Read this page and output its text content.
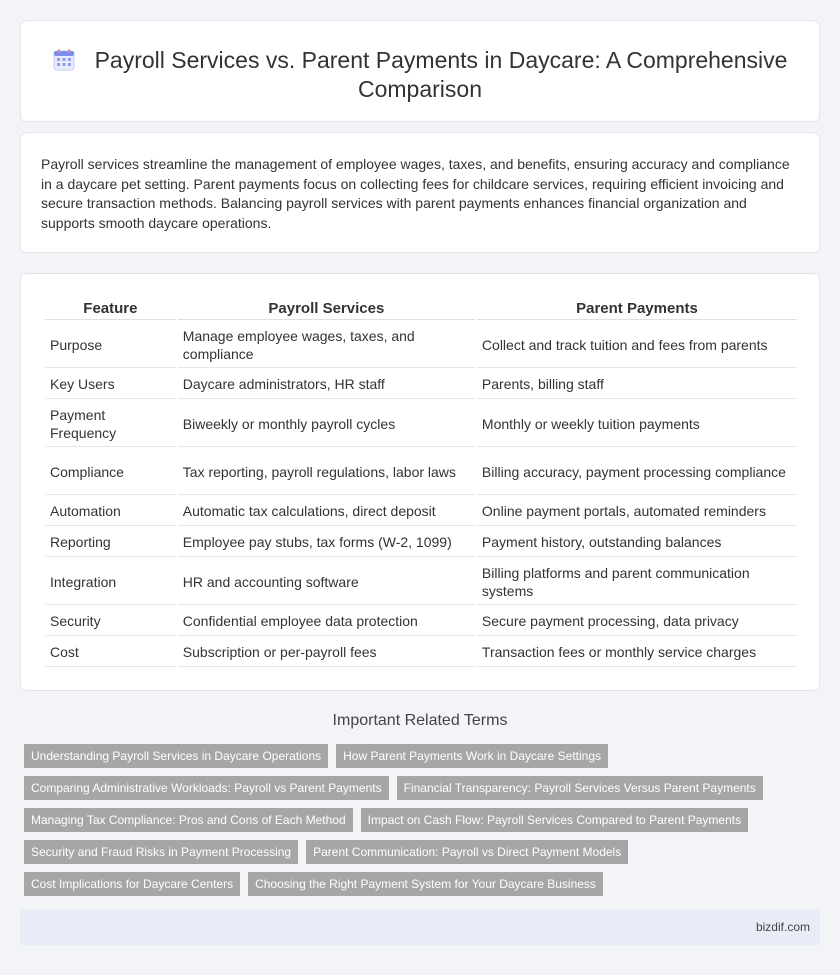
Payroll Services vs. Parent Payments in Daycare: A Comprehensive Comparison

Payroll services streamline the management of employee wages, taxes, and benefits, ensuring accuracy and compliance in a daycare pet setting. Parent payments focus on collecting fees for childcare services, requiring efficient invoicing and secure transaction methods. Balancing payroll services with parent payments enhances financial organization and supports smooth daycare operations.

Feature	Payroll Services	Parent Payments
Purpose	Manage employee wages, taxes, and compliance	Collect and track tuition and fees from parents
Key Users	Daycare administrators, HR staff	Parents, billing staff
Payment Frequency	Biweekly or monthly payroll cycles	Monthly or weekly tuition payments
Compliance	Tax reporting, payroll regulations, labor laws	Billing accuracy, payment processing compliance
Automation	Automatic tax calculations, direct deposit	Online payment portals, automated reminders
Reporting	Employee pay stubs, tax forms (W-2, 1099)	Payment history, outstanding balances
Integration	HR and accounting software	Billing platforms and parent communication systems
Security	Confidential employee data protection	Secure payment processing, data privacy
Cost	Subscription or per-payroll fees	Transaction fees or monthly service charges
Important Related Terms
Understanding Payroll Services in Daycare Operations	How Parent Payments Work in Daycare Settings
Comparing Administrative Workloads: Payroll vs Parent Payments	Financial Transparency: Payroll Services Versus Parent Payments
Managing Tax Compliance: Pros and Cons of Each Method	Impact on Cash Flow: Payroll Services Compared to Parent Payments
Security and Fraud Risks in Payment Processing	Parent Communication: Payroll vs Direct Payment Models
Cost Implications for Daycare Centers	Choosing the Right Payment System for Your Daycare Business
bizdif.com
